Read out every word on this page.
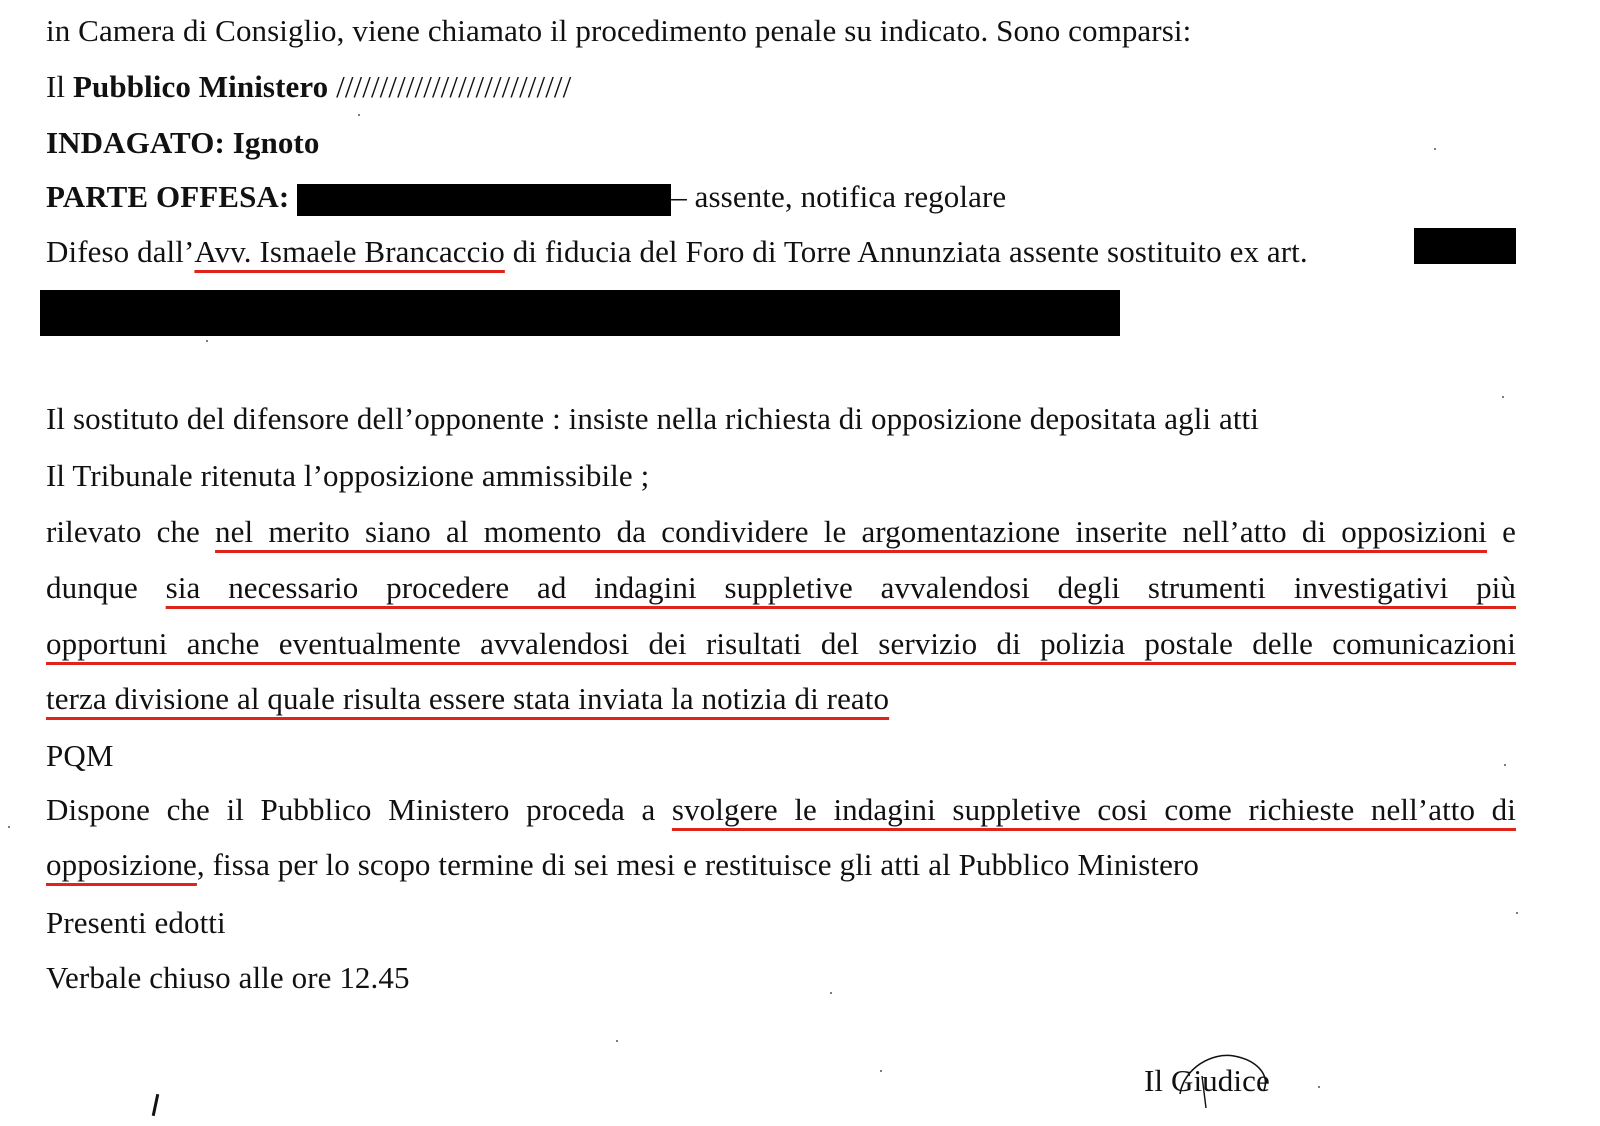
in Camera di Consiglio, viene chiamato il procedimento penale su indicato. Sono comparsi:
Il Pubblico Ministero ///////////////////////////
INDAGATO: Ignoto
PARTE OFFESA:	– assente, notifica regolare
Difeso dall’Avv. Ismaele Brancaccio di fiducia del Foro di Torre Annunziata assente sostituito ex art.
Il sostituto del difensore dell’opponente : insiste nella richiesta di opposizione depositata agli atti
Il Tribunale ritenuta l’opposizione ammissibile ;
rilevato che nel merito siano al momento da condividere le argomentazione inserite nell’atto di opposizioni e
dunque sia necessario procedere ad indagini suppletive avvalendosi degli strumenti investigativi più
opportuni anche eventualmente avvalendosi dei risultati del servizio di polizia postale delle comunicazioni
terza divisione al quale risulta essere stata inviata la notizia di reato
PQM
Dispone che il Pubblico Ministero proceda a svolgere le indagini suppletive cosi come richieste nell’atto di
opposizione, fissa per lo scopo termine di sei mesi e restituisce gli atti al Pubblico Ministero
Presenti edotti
Verbale chiuso alle ore 12.45
Il Giudice
